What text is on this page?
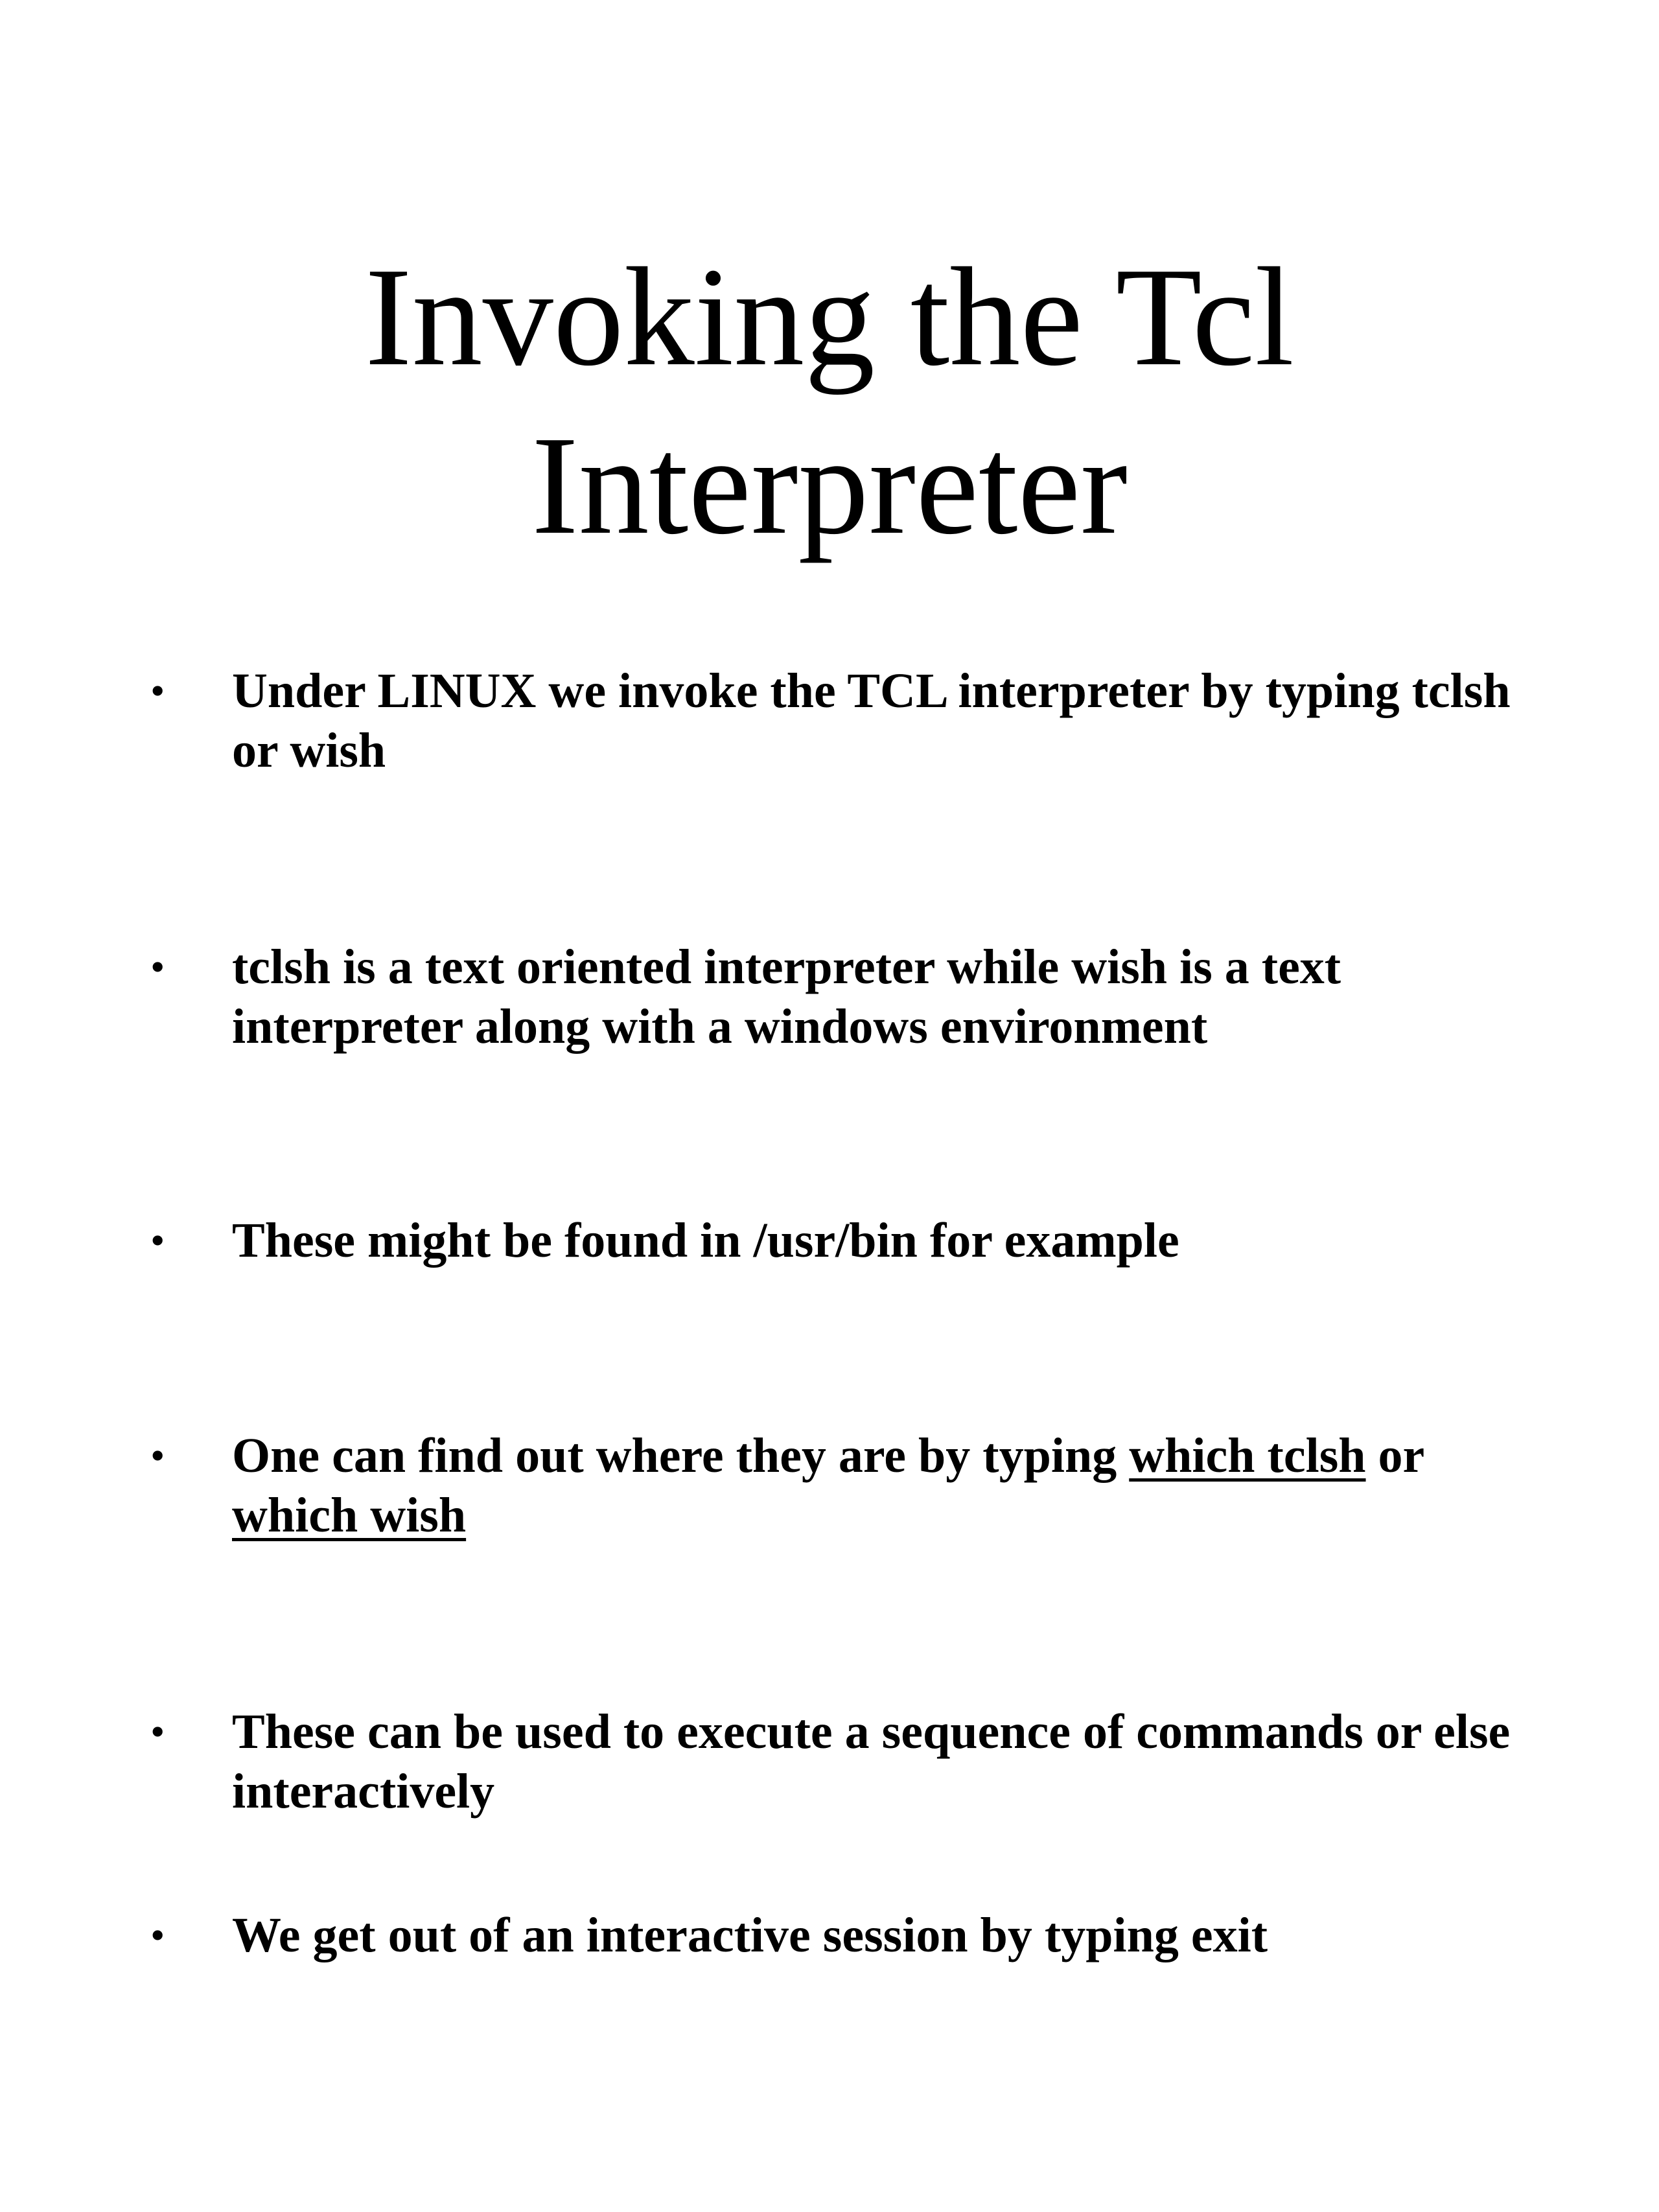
Invoking the Tcl
Interpreter
• Under LINUX we invoke the TCL interpreter by typing tclsh
or wish

• tclsh is a text oriented interpreter while wish is a text
interpreter along with a windows environment

• These might be found in /usr/bin for example

• One can find out where they are by typing which tclsh or
which wish

• These can be used to execute a sequence of commands or else
interactively

• We get out of an interactive session by typing exit
